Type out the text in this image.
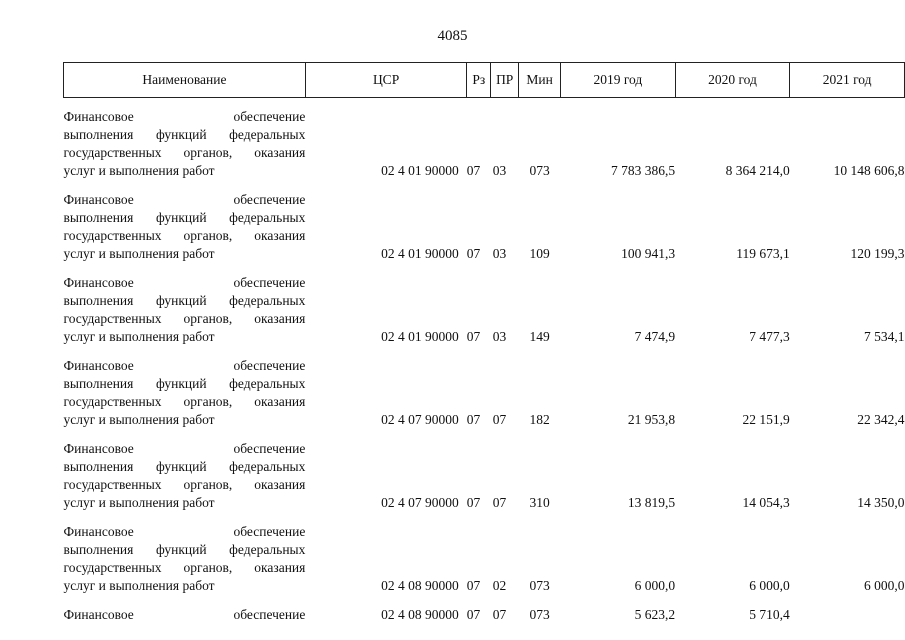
4085
Наименование	ЦСР	Рз	ПР	Мин	2019 год	2020 год	2021 год

Финансовое обеспечение
выполнения функций федеральных
государственных органов, оказания
услуг и выполнения работ	02 4 01 90000	07	03	073	7 783 386,5	8 364 214,0	10 148 606,8

Финансовое обеспечение
выполнения функций федеральных
государственных органов, оказания
услуг и выполнения работ	02 4 01 90000	07	03	109	100 941,3	119 673,1	120 199,3

Финансовое обеспечение
выполнения функций федеральных
государственных органов, оказания
услуг и выполнения работ	02 4 01 90000	07	03	149	7 474,9	7 477,3	7 534,1

Финансовое обеспечение
выполнения функций федеральных
государственных органов, оказания
услуг и выполнения работ	02 4 07 90000	07	07	182	21 953,8	22 151,9	22 342,4

Финансовое обеспечение
выполнения функций федеральных
государственных органов, оказания
услуг и выполнения работ	02 4 07 90000	07	07	310	13 819,5	14 054,3	14 350,0

Финансовое обеспечение
выполнения функций федеральных
государственных органов, оказания
услуг и выполнения работ	02 4 08 90000	07	02	073	6 000,0	6 000,0	6 000,0

Финансовое обеспечение	02 4 08 90000	07	07	073	5 623,2	5 710,4	
